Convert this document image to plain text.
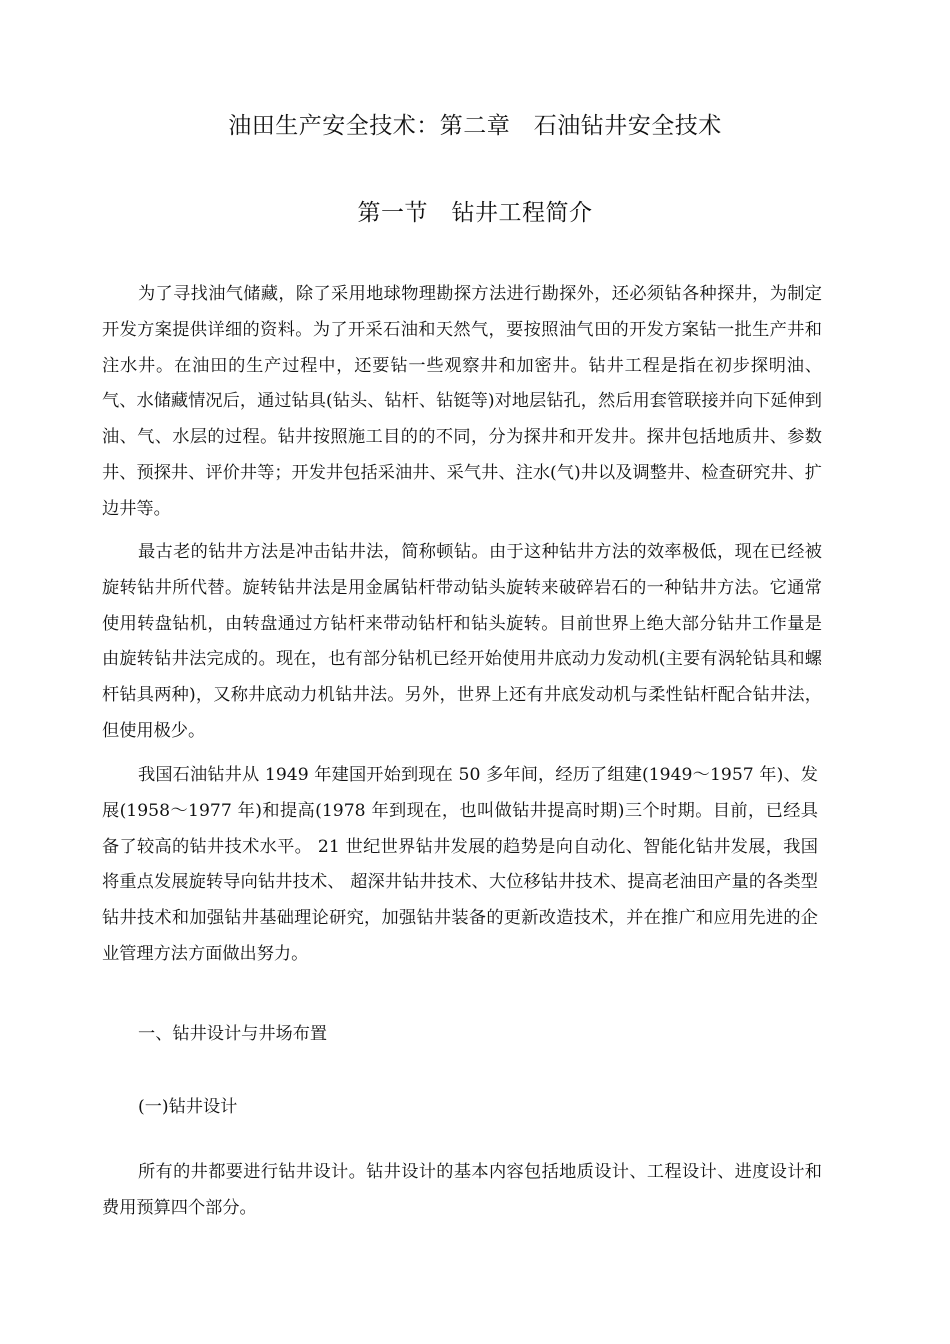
油田生产安全技术：第二章　石油钻井安全技术
第一节　钻井工程简介

为了寻找油气储藏，除了采用地球物理勘探方法进行勘探外，还必须钻各种探井，为制定开发方案提供详细的资料。为了开采石油和天然气，要按照油气田的开发方案钻一批生产井和注水井。在油田的生产过程中，还要钻一些观察井和加密井。钻井工程是指在初步探明油、气、水储藏情况后，通过钻具(钻头、钻杆、钻铤等)对地层钻孔，然后用套管联接并向下延伸到油、气、水层的过程。钻井按照施工目的的不同，分为探井和开发井。探井包括地质井、参数井、预探井、评价井等；开发井包括采油井、采气井、注水(气)井以及调整井、检查研究井、扩边井等。

最古老的钻井方法是冲击钻井法，简称顿钻。由于这种钻井方法的效率极低，现在已经被旋转钻井所代替。旋转钻井法是用金属钻杆带动钻头旋转来破碎岩石的一种钻井方法。它通常使用转盘钻机，由转盘通过方钻杆来带动钻杆和钻头旋转。目前世界上绝大部分钻井工作量是由旋转钻井法完成的。现在，也有部分钻机已经开始使用井底动力发动机(主要有涡轮钻具和螺杆钻具两种)，又称井底动力机钻井法。另外，世界上还有井底发动机与柔性钻杆配合钻井法，但使用极少。

我国石油钻井从 1949 年建国开始到现在 50 多年间，经历了组建(1949～1957 年)、发展(1958～1977 年)和提高(1978 年到现在，也叫做钻井提高时期)三个时期。目前，已经具备了较高的钻井技术水平。 21 世纪世界钻井发展的趋势是向自动化、智能化钻井发展，我国将重点发展旋转导向钻井技术、 超深井钻井技术、大位移钻井技术、提高老油田产量的各类型钻井技术和加强钻井基础理论研究，加强钻井装备的更新改造技术，并在推广和应用先进的企业管理方法方面做出努力。

一、钻井设计与井场布置
(一)钻井设计

所有的井都要进行钻井设计。钻井设计的基本内容包括地质设计、工程设计、进度设计和费用预算四个部分。
